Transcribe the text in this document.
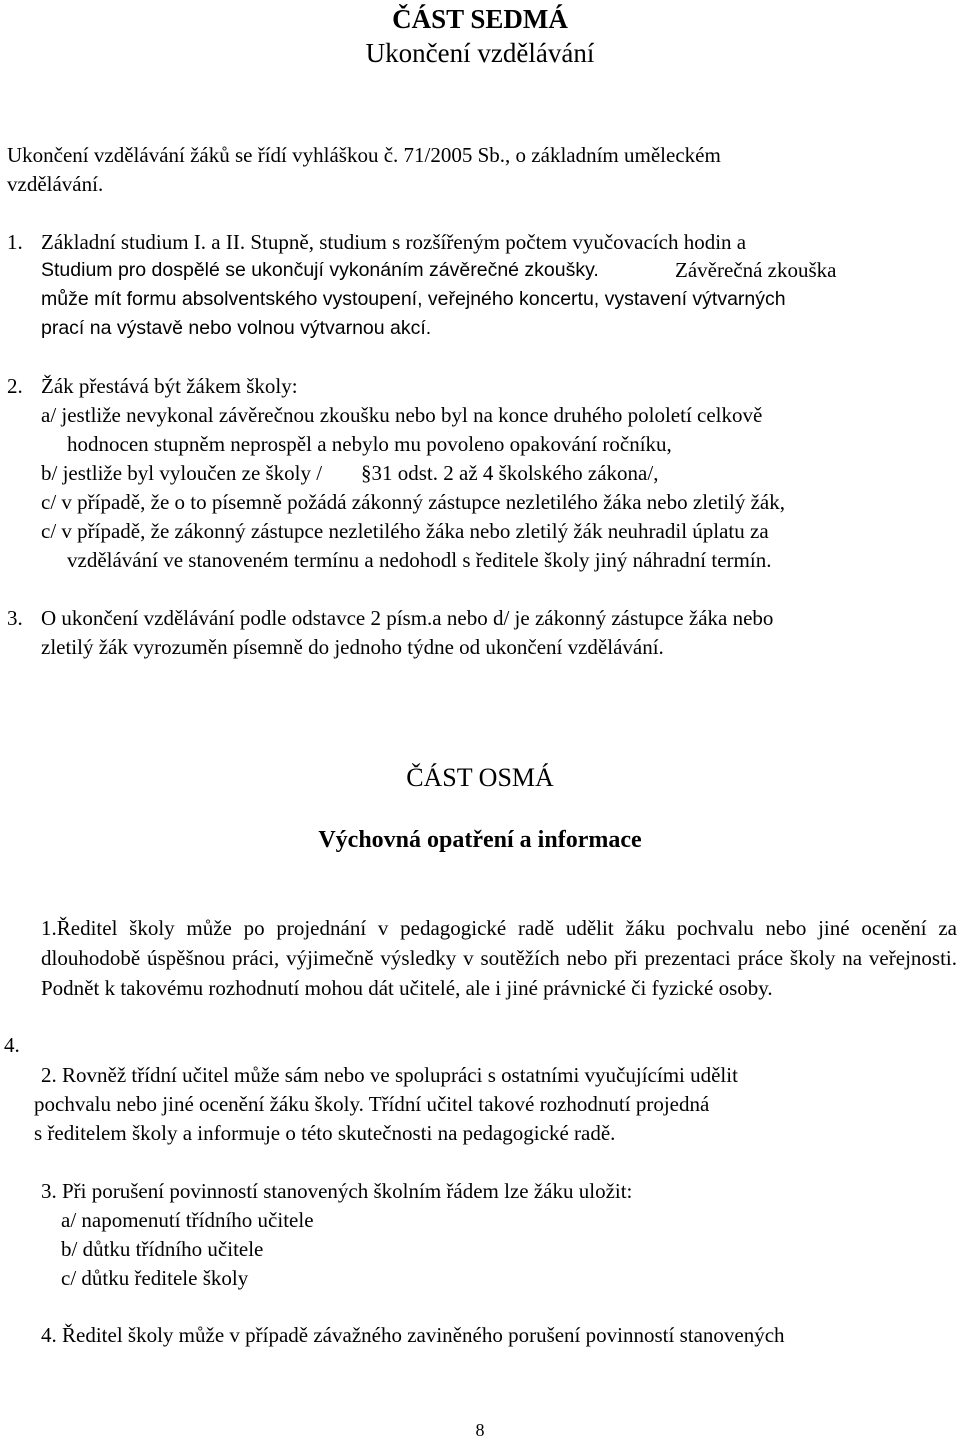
ČÁST SEDMÁ
Ukončení vzdělávání
Ukončení vzdělávání žáků se řídí vyhláškou č. 71/2005 Sb., o základním uměleckém
vzdělávání.
1. Základní studium I. a II. Stupně, studium s rozšířeným počtem vyučovacích hodin a
Studium pro dospělé se ukončují vykonáním závěrečné zkoušky.	Závěrečná zkouška
může mít formu absolventského vystoupení, veřejného koncertu, vystavení výtvarných
prací na výstavě nebo volnou výtvarnou akcí.
2. Žák přestává být žákem školy:
a/ jestliže nevykonal závěrečnou zkoušku nebo byl na konce druhého pololetí celkově
hodnocen stupněm neprospěl a nebylo mu povoleno opakování ročníku,
b/ jestliže byl vyloučen ze školy / §31 odst. 2 až 4 školského zákona/,
c/ v případě, že o to písemně požádá zákonný zástupce nezletilého žáka nebo zletilý žák,
c/ v případě, že zákonný zástupce nezletilého žáka nebo zletilý žák neuhradil úplatu za
vzdělávání ve stanoveném termínu a nedohodl s ředitele školy jiný náhradní termín.
3. O ukončení vzdělávání podle odstavce 2 písm.a nebo d/ je zákonný zástupce žáka nebo
zletilý žák vyrozuměn písemně do jednoho týdne od ukončení vzdělávání.
ČÁST OSMÁ
Výchovná opatření a informace
1.Ředitel školy může po projednání v pedagogické radě udělit žáku pochvalu nebo jiné ocenění za dlouhodobě úspěšnou práci, výjimečně výsledky v soutěžích nebo při prezentaci práce školy na veřejnosti. Podnět k takovému rozhodnutí mohou dát učitelé, ale i jiné právnické či fyzické osoby.
4.
2. Rovněž třídní učitel může sám nebo ve spolupráci s ostatními vyučujícími udělit
pochvalu nebo jiné ocenění žáku školy. Třídní učitel takové rozhodnutí projedná
s ředitelem školy a informuje o této skutečnosti na pedagogické radě.
3. Při porušení povinností stanovených školním řádem lze žáku uložit:
a/ napomenutí třídního učitele
b/ důtku třídního učitele
c/ důtku ředitele školy
4. Ředitel školy může v případě závažného zaviněného porušení povinností stanovených
8
